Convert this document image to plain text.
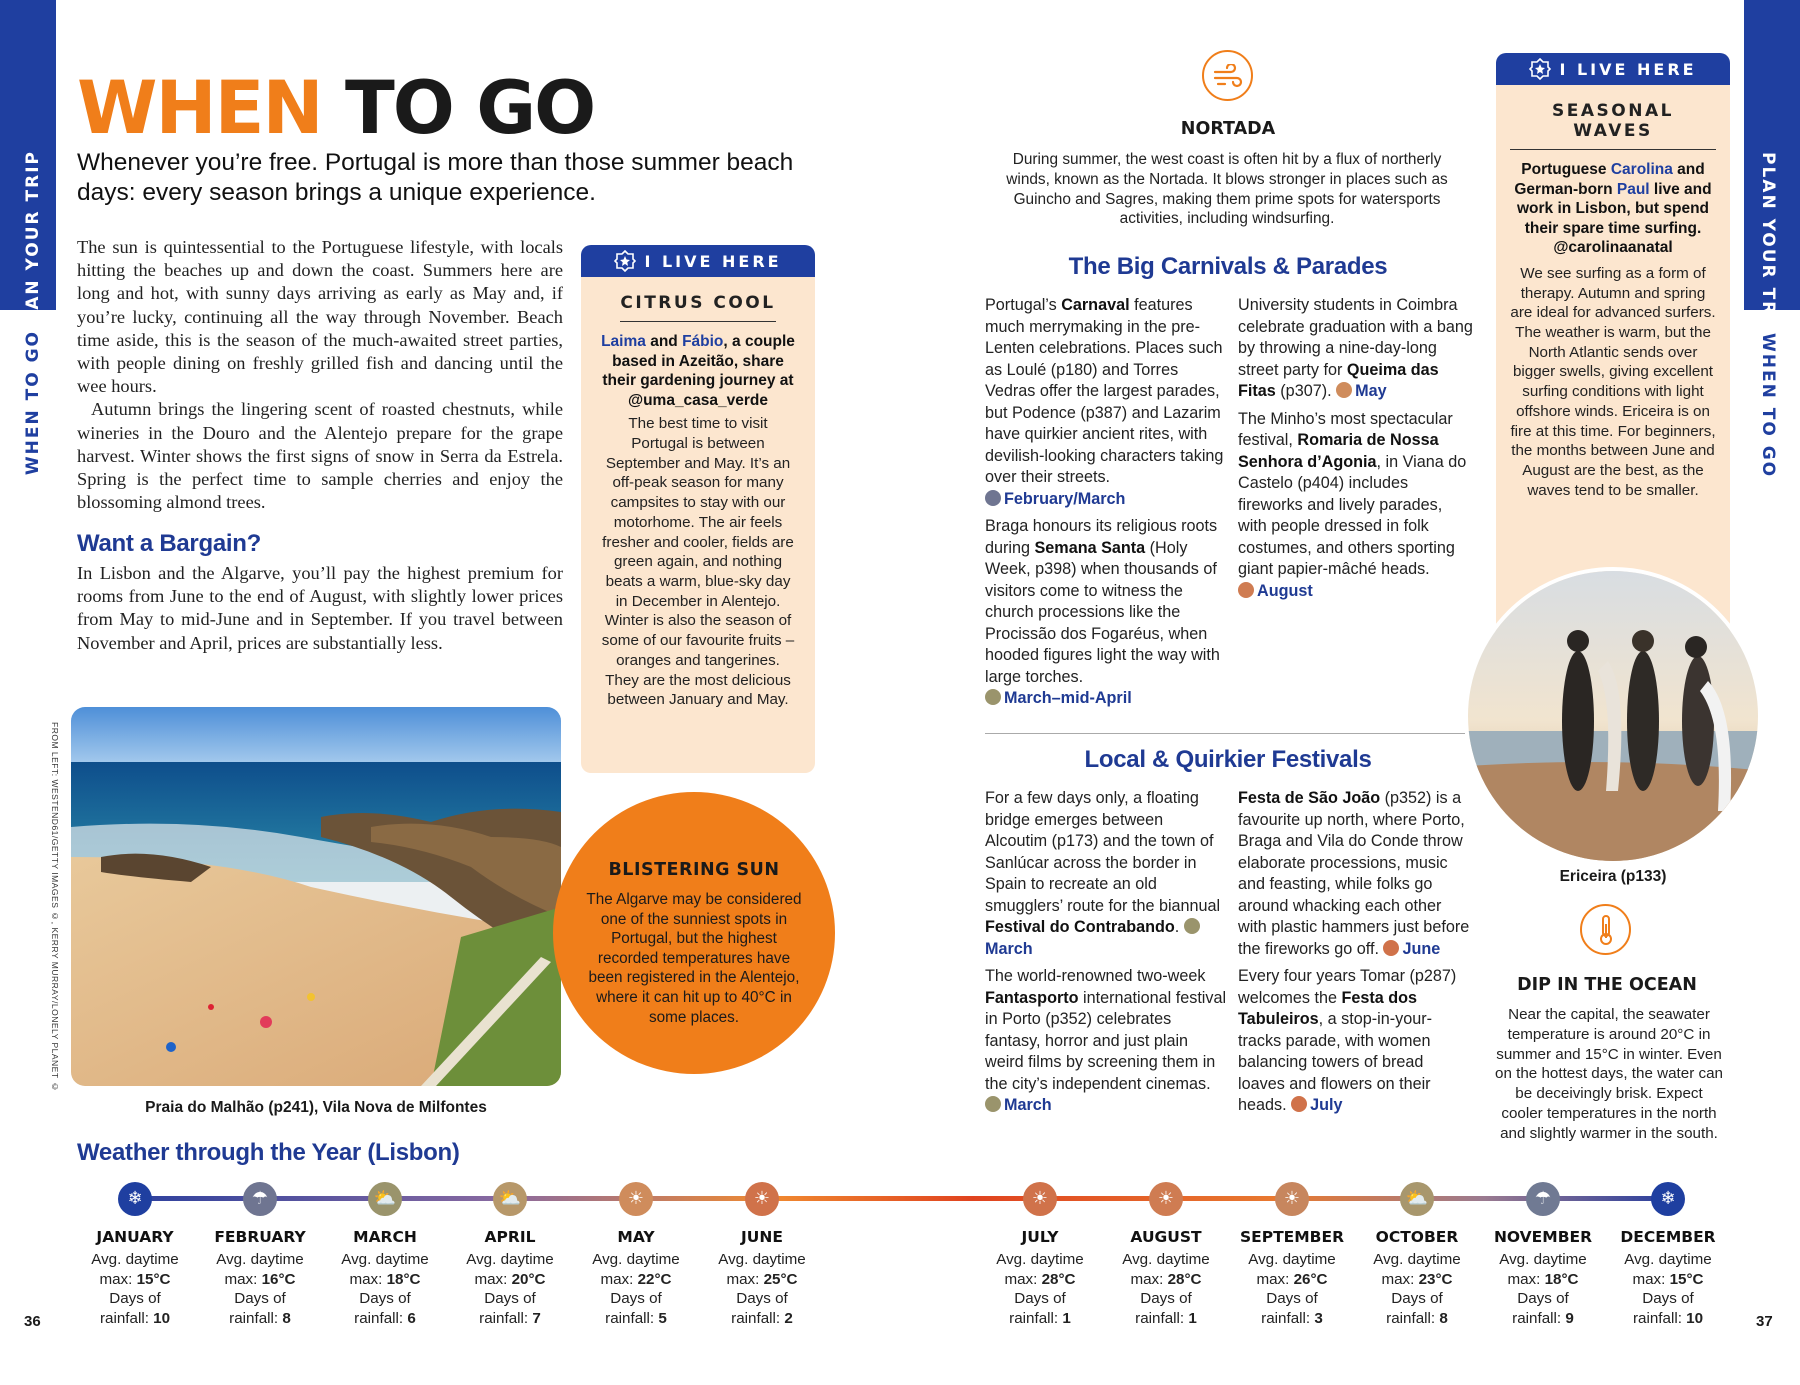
PLAN YOUR TRIP
WHEN TO GO
PLAN YOUR TRIP
WHEN TO GO
WHEN TO GO
Whenever you’re free. Portugal is more than those summer beach days: every season brings a unique experience.

The sun is quintessential to the Portuguese lifestyle, with locals hitting the beaches up and down the coast. Summers here are long and hot, with sunny days arriving as early as May and, if you’re lucky, continuing all the way through November. Beach time aside, this is the season of the much-awaited street parties, with people dining on freshly grilled fish and dancing until the wee hours.

Autumn brings the lingering scent of roasted chestnuts, while wineries in the Douro and the Alentejo prepare for the grape harvest. Winter shows the first signs of snow in Serra da Estrela. Spring is the perfect time to sample cherries and enjoy the blossoming almond trees.

Want a Bargain?
In Lisbon and the Algarve, you’ll pay the highest premium for rooms from June to the end of August, with slightly lower prices from May to mid-June and in September. If you travel between November and April, prices are substantially less.
FROM LEFT: WESTEND61/GETTY IMAGES ©, KERRY MURRAY/LONELY PLANET ©
Praia do Malhão (p241), Vila Nova de Milfontes
I LIVE HERE
CITRUS COOL
Laima and Fábio, a couple based in Azeitão, share their gardening journey at @uma_casa_verde
The best time to visit Portugal is between September and May. It’s an off-peak season for many campsites to stay with our motorhome. The air feels fresher and cooler, fields are green again, and nothing beats a warm, blue-sky day in December in Alentejo. Winter is also the season of some of our favourite fruits – oranges and tangerines. They are the most delicious between January and May.
BLISTERING SUN
The Algarve may be considered one of the sunniest spots in Portugal, but the highest recorded temperatures have been registered in the Alentejo, where it can hit up to 40°C in some places.
NORTADA
During summer, the west coast is often hit by a flux of northerly winds, known as the Nortada. It blows stronger in places such as Guincho and Sagres, making them prime spots for watersports activities, including windsurfing.
The Big Carnivals & Parades

Portugal’s Carnaval features much merrymaking in the pre-Lenten celebrations. Places such as Loulé (p180) and Torres Vedras offer the largest parades, but Podence (p387) and Lazarim have quirkier ancient rites, with devilish-looking characters taking over their streets.
February/March

Braga honours its religious roots during Semana Santa (Holy Week, p398) when thousands of visitors come to witness the church processions like the Procissão dos Fogaréus, when hooded figures light the way with large torches.
March–mid-April

University students in Coimbra celebrate graduation with a bang by throwing a nine-day-long street party for Queima das Fitas (p307). May

The Minho’s most spectacular festival, Romaria de Nossa Senhora d’Agonia, in Viana do Castelo (p404) includes fireworks and lively parades, with people dressed in folk costumes, and others sporting giant papier-mâché heads.
August

Local & Quirkier Festivals

For a few days only, a floating bridge emerges between Alcoutim (p173) and the town of Sanlúcar across the border in Spain to recreate an old smugglers’ route for the biannual Festival do Contrabando. March

The world-renowned two-week Fantasporto international festival in Porto (p352) celebrates fantasy, horror and just plain weird films by screening them in the city’s independent cinemas.
March

Festa de São João (p352) is a favourite up north, where Porto, Braga and Vila do Conde throw elaborate processions, music and feasting, while folks go around whacking each other with plastic hammers just before the fireworks go off. June

Every four years Tomar (p287) welcomes the Festa dos Tabuleiros, a stop-in-your-tracks parade, with women balancing towers of bread loaves and flowers on their heads. July

I LIVE HERE
SEASONAL WAVES
Portuguese Carolina and German-born Paul live and work in Lisbon, but spend their spare time surfing. @carolinaanatal
We see surfing as a form of therapy. Autumn and spring are ideal for advanced surfers. The weather is warm, but the North Atlantic sends over bigger swells, giving excellent surfing conditions with light offshore winds. Ericeira is on fire at this time. For beginners, the months between June and August are the best, as the waves tend to be smaller.
Ericeira (p133)
DIP IN THE OCEAN
Near the capital, the seawater temperature is around 20°C in summer and 15°C in winter. Even on the hottest days, the water can be deceivingly brisk. Expect cooler temperatures in the north and slightly warmer in the south.
Weather through the Year (Lisbon)
❄
JANUARY
Avg. daytime
max: 15°C
Days of
rainfall: 10
☂
FEBRUARY
Avg. daytime
max: 16°C
Days of
rainfall: 8
⛅
MARCH
Avg. daytime
max: 18°C
Days of
rainfall: 6
⛅
APRIL
Avg. daytime
max: 20°C
Days of
rainfall: 7
☀
MAY
Avg. daytime
max: 22°C
Days of
rainfall: 5
☀
JUNE
Avg. daytime
max: 25°C
Days of
rainfall: 2
☀
JULY
Avg. daytime
max: 28°C
Days of
rainfall: 1
☀
AUGUST
Avg. daytime
max: 28°C
Days of
rainfall: 1
☀
SEPTEMBER
Avg. daytime
max: 26°C
Days of
rainfall: 3
⛅
OCTOBER
Avg. daytime
max: 23°C
Days of
rainfall: 8
☂
NOVEMBER
Avg. daytime
max: 18°C
Days of
rainfall: 9
❄
DECEMBER
Avg. daytime
max: 15°C
Days of
rainfall: 10
36	37
